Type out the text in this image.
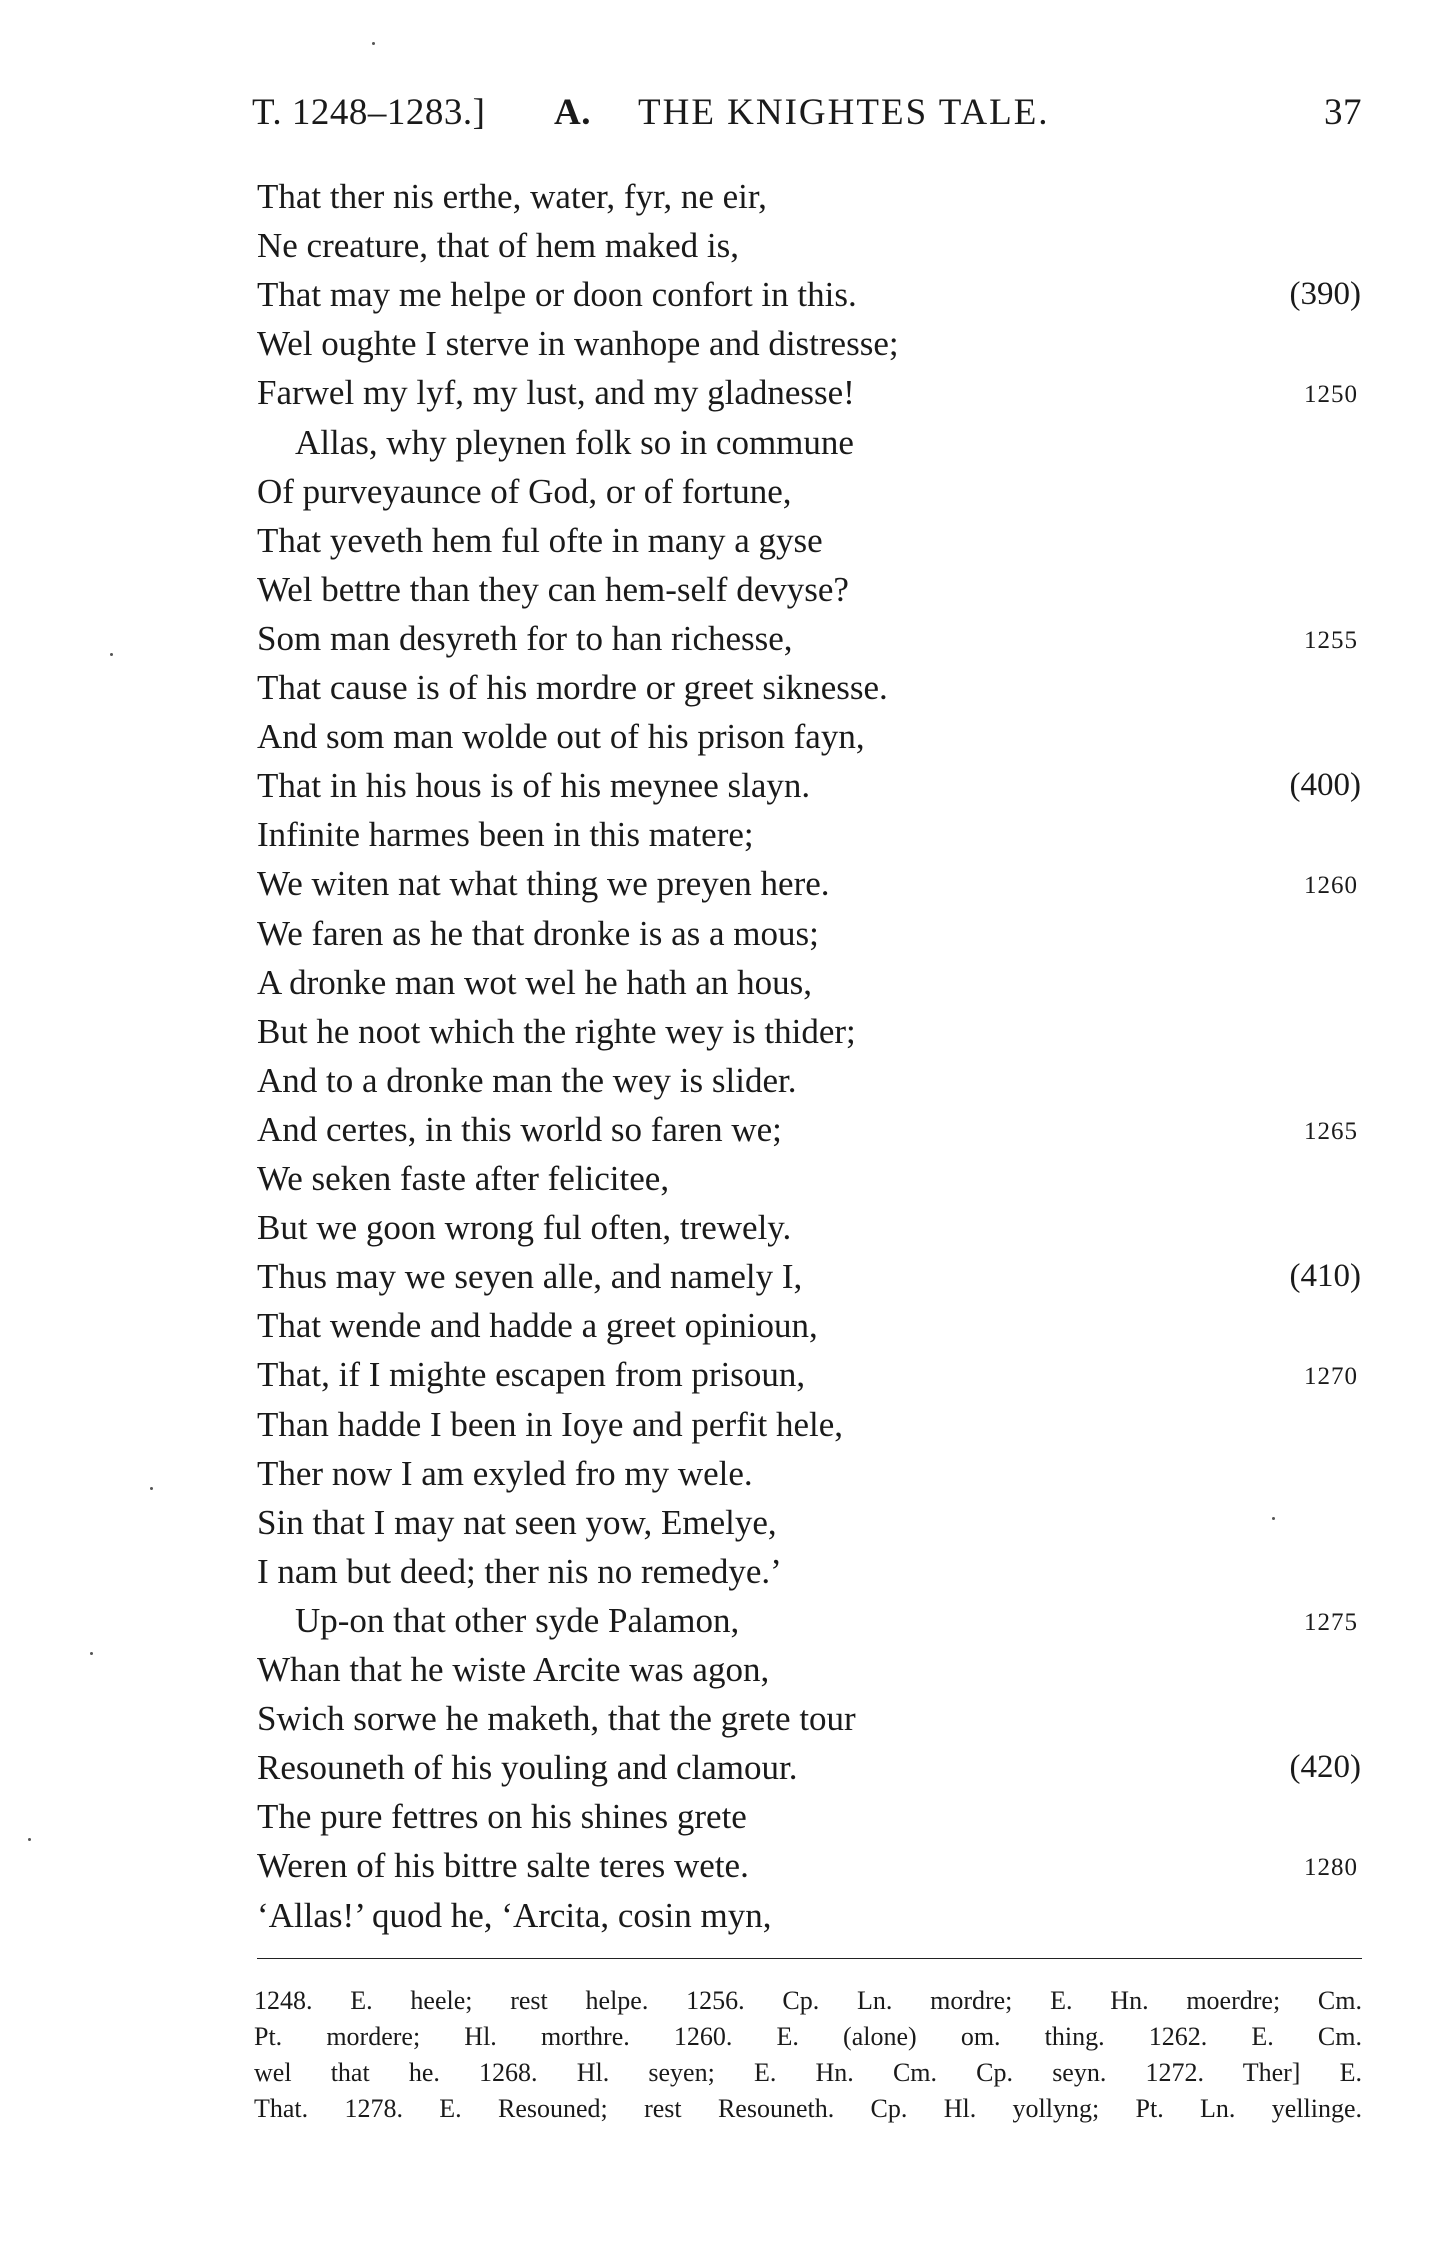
T. 1248–1283.] A. THE KNIGHTES TALE.	37
That ther nis erthe, water, fyr, ne eir,
Ne creature, that of hem maked is,
That may me helpe or doon confort in this.	(390)
Wel oughte I sterve in wanhope and distresse;
Farwel my lyf, my lust, and my gladnesse!	1250
Allas, why pleynen folk so in commune
Of purveyaunce of God, or of fortune,
That yeveth hem ful ofte in many a gyse
Wel bettre than they can hem-self devyse?
Som man desyreth for to han richesse,	1255
That cause is of his mordre or greet siknesse.
And som man wolde out of his prison fayn,
That in his hous is of his meynee slayn.	(400)
Infinite harmes been in this matere;
We witen nat what thing we preyen here.	1260
We faren as he that dronke is as a mous;
A dronke man wot wel he hath an hous,
But he noot which the righte wey is thider;
And to a dronke man the wey is slider.
And certes, in this world so faren we;	1265
We seken faste after felicitee,
But we goon wrong ful often, trewely.
Thus may we seyen alle, and namely I,	(410)
That wende and hadde a greet opinioun,
That, if I mighte escapen from prisoun,	1270
Than hadde I been in Ioye and perfit hele,
Ther now I am exyled fro my wele.
Sin that I may nat seen yow, Emelye,
I nam but deed; ther nis no remedye.’
Up-on that other syde Palamon,	1275
Whan that he wiste Arcite was agon,
Swich sorwe he maketh, that the grete tour
Resouneth of his youling and clamour.	(420)
The pure fettres on his shines grete
Weren of his bittre salte teres wete.	1280
‘Allas!’ quod he, ‘Arcita, cosin myn,
1248. E. heele; rest helpe. 1256. Cp. Ln. mordre; E. Hn. moerdre; Cm.
Pt. mordere; Hl. morthre. 1260. E. (alone) om. thing. 1262. E. Cm.
wel that he. 1268. Hl. seyen; E. Hn. Cm. Cp. seyn. 1272. Ther] E.
That. 1278. E. Resouned; rest Resouneth. Cp. Hl. yollyng; Pt. Ln. yellinge.
